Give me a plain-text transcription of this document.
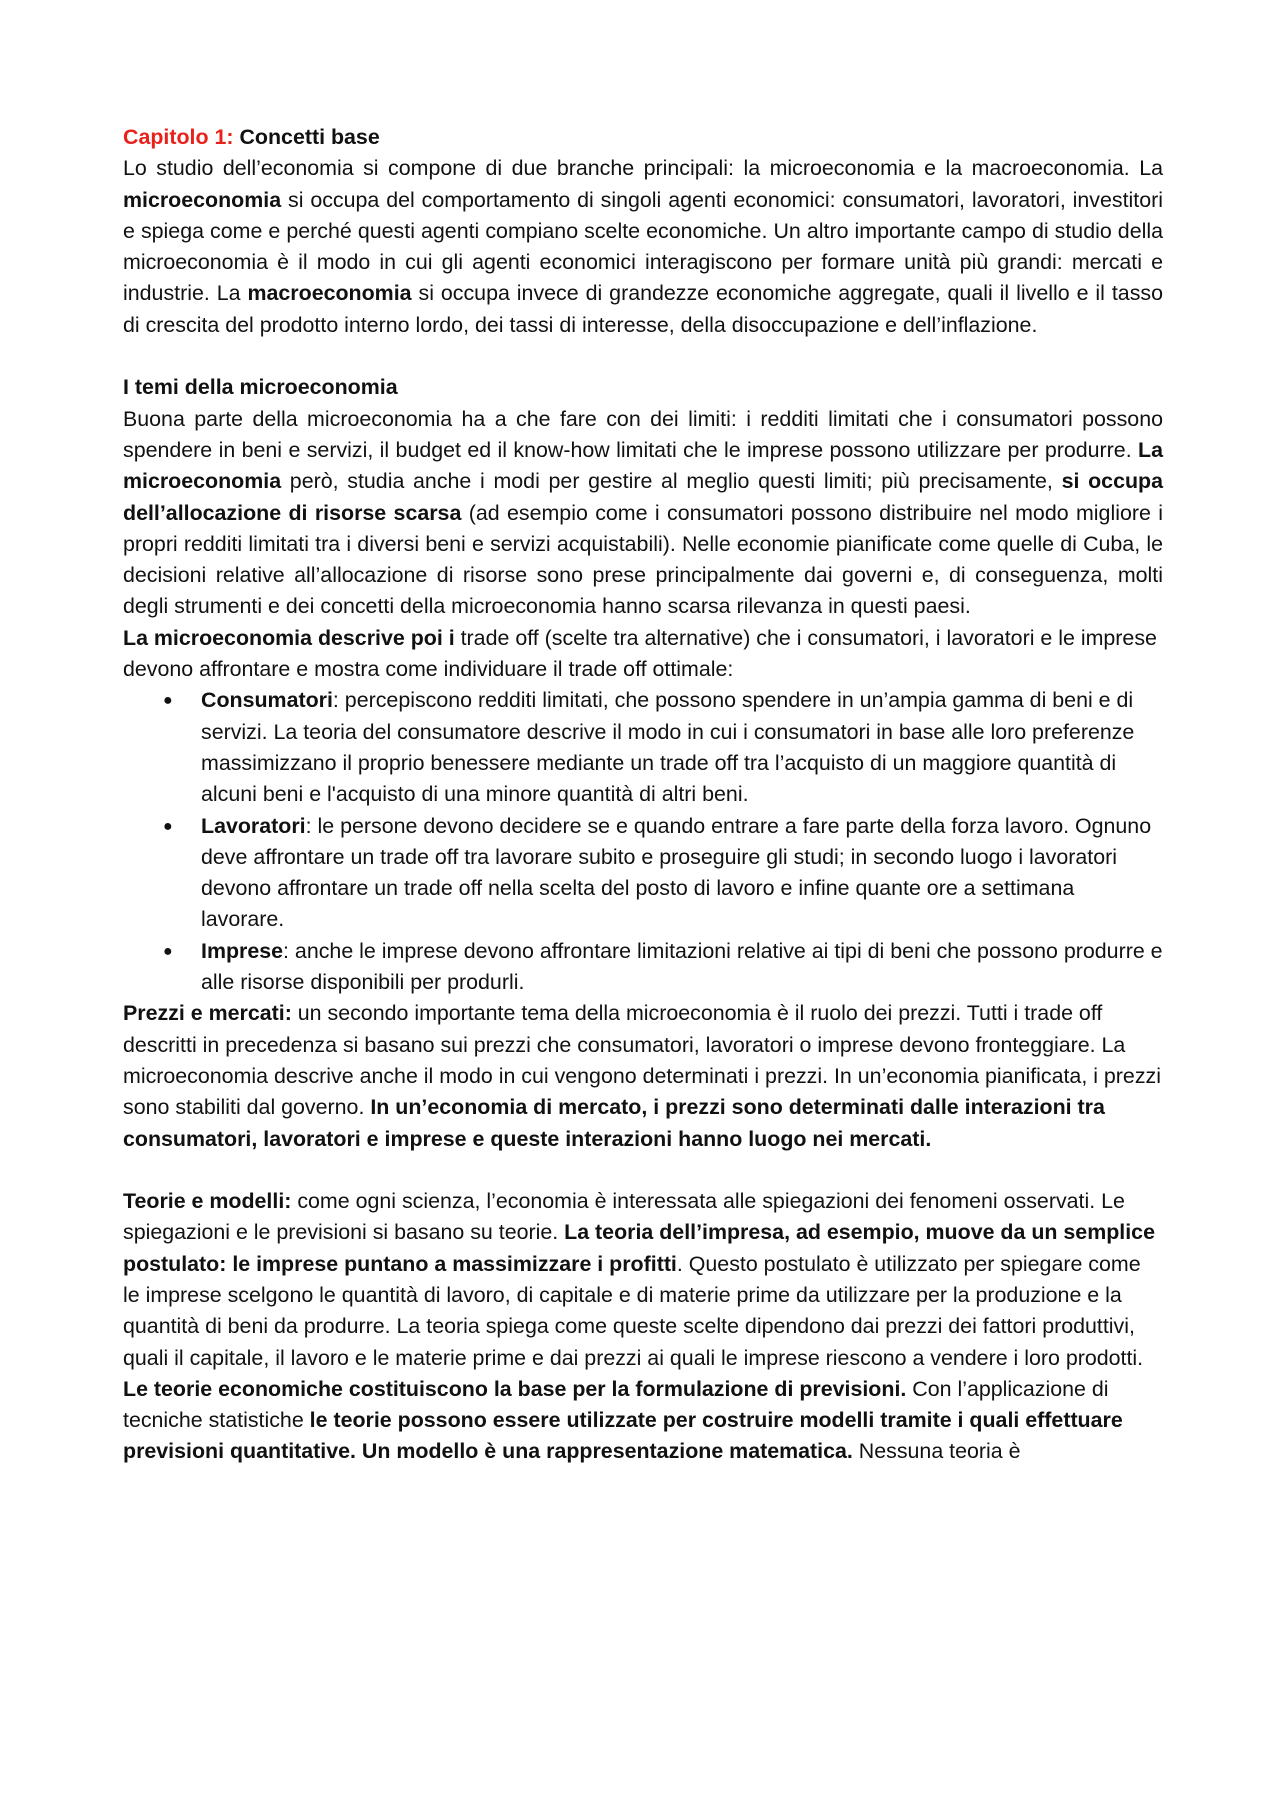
Capitolo 1: Concetti base

Lo studio dell’economia si compone di due branche principali: la microeconomia e la macroeconomia. La microeconomia si occupa del comportamento di singoli agenti economici: consumatori, lavoratori, investitori e spiega come e perché questi agenti compiano scelte economiche. Un altro importante campo di studio della microeconomia è il modo in cui gli agenti economici interagiscono per formare unità più grandi: mercati e industrie. La macroeconomia si occupa invece di grandezze economiche aggregate, quali il livello e il tasso di crescita del prodotto interno lordo, dei tassi di interesse, della disoccupazione e dell’inflazione.

I temi della microeconomia

Buona parte della microeconomia ha a che fare con dei limiti: i redditi limitati che i consumatori possono spendere in beni e servizi, il budget ed il know-how limitati che le imprese possono utilizzare per produrre. La microeconomia però, studia anche i modi per gestire al meglio questi limiti; più precisamente, si occupa dell’allocazione di risorse scarsa (ad esempio come i consumatori possono distribuire nel modo migliore i propri redditi limitati tra i diversi beni e servizi acquistabili). Nelle economie pianificate come quelle di Cuba, le decisioni relative all’allocazione di risorse sono prese principalmente dai governi e, di conseguenza, molti degli strumenti e dei concetti della microeconomia hanno scarsa rilevanza in questi paesi.

La microeconomia descrive poi i trade off (scelte tra alternative) che i consumatori, i lavoratori e le imprese devono affrontare e mostra come individuare il trade off ottimale:

● Consumatori: percepiscono redditi limitati, che possono spendere in un’ampia gamma di beni e di servizi. La teoria del consumatore descrive il modo in cui i consumatori in base alle loro preferenze massimizzano il proprio benessere mediante un trade off tra l’acquisto di un maggiore quantità di alcuni beni e l'acquisto di una minore quantità di altri beni.
● Lavoratori: le persone devono decidere se e quando entrare a fare parte della forza lavoro. Ognuno deve affrontare un trade off tra lavorare subito e proseguire gli studi; in secondo luogo i lavoratori devono affrontare un trade off nella scelta del posto di lavoro e infine quante ore a settimana lavorare.
● Imprese: anche le imprese devono affrontare limitazioni relative ai tipi di beni che possono produrre e alle risorse disponibili per produrli.

Prezzi e mercati: un secondo importante tema della microeconomia è il ruolo dei prezzi. Tutti i trade off descritti in precedenza si basano sui prezzi che consumatori, lavoratori o imprese devono fronteggiare. La microeconomia descrive anche il modo in cui vengono determinati i prezzi. In un’economia pianificata, i prezzi sono stabiliti dal governo. In un’economia di mercato, i prezzi sono determinati dalle interazioni tra consumatori, lavoratori e imprese e queste interazioni hanno luogo nei mercati.

Teorie e modelli: come ogni scienza, l’economia è interessata alle spiegazioni dei fenomeni osservati. Le spiegazioni e le previsioni si basano su teorie. La teoria dell’impresa, ad esempio, muove da un semplice postulato: le imprese puntano a massimizzare i profitti. Questo postulato è utilizzato per spiegare come le imprese scelgono le quantità di lavoro, di capitale e di materie prime da utilizzare per la produzione e la quantità di beni da produrre. La teoria spiega come queste scelte dipendono dai prezzi dei fattori produttivi, quali il capitale, il lavoro e le materie prime e dai prezzi ai quali le imprese riescono a vendere i loro prodotti. Le teorie economiche costituiscono la base per la formulazione di previsioni. Con l’applicazione di tecniche statistiche le teorie possono essere utilizzate per costruire modelli tramite i quali effettuare previsioni quantitative. Un modello è una rappresentazione matematica. Nessuna teoria è
